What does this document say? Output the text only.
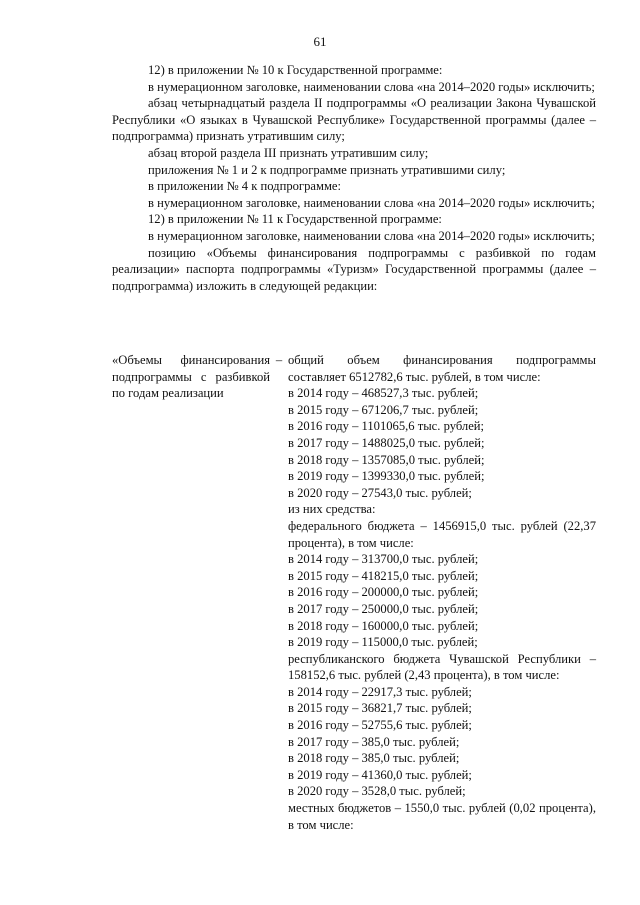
61

12) в приложении № 10 к Государственной программе:

в нумерационном заголовке, наименовании слова «на 2014–2020 годы» исключить;

абзац четырнадцатый раздела II подпрограммы «О реализации Закона Чувашской Республики «О языках в Чувашской Республике» Государственной программы (далее – подпрограмма) признать утратившим силу;

абзац второй раздела III признать утратившим силу;

приложения № 1 и 2 к подпрограмме признать утратившими силу;

в приложении № 4 к подпрограмме:

в нумерационном заголовке, наименовании слова «на 2014–2020 годы» исключить;

12) в приложении № 11 к Государственной программе:

в нумерационном заголовке, наименовании слова «на 2014–2020 годы» исключить;

позицию «Объемы финансирования подпрограммы с разбивкой по годам реализации» паспорта подпрограммы «Туризм» Государственной программы (далее – подпрограмма) изложить в следующей редакции:

«Объемы финансирования подпрограммы с разбивкой по годам реализации
– общий объем финансирования подпрограммы составляет 6512782,6 тыс. рублей, в том числе:
в 2014 году – 468527,3 тыс. рублей;
в 2015 году – 671206,7 тыс. рублей;
в 2016 году – 1101065,6 тыс. рублей;
в 2017 году – 1488025,0 тыс. рублей;
в 2018 году – 1357085,0 тыс. рублей;
в 2019 году – 1399330,0 тыс. рублей;
в 2020 году – 27543,0 тыс. рублей;
из них средства:
федерального бюджета – 1456915,0 тыс. рублей (22,37 процента), в том числе:
в 2014 году – 313700,0 тыс. рублей;
в 2015 году – 418215,0 тыс. рублей;
в 2016 году – 200000,0 тыс. рублей;
в 2017 году – 250000,0 тыс. рублей;
в 2018 году – 160000,0 тыс. рублей;
в 2019 году – 115000,0 тыс. рублей;
республиканского бюджета Чувашской Республики – 158152,6 тыс. рублей (2,43 процента), в том числе:
в 2014 году – 22917,3 тыс. рублей;
в 2015 году – 36821,7 тыс. рублей;
в 2016 году – 52755,6 тыс. рублей;
в 2017 году – 385,0 тыс. рублей;
в 2018 году – 385,0 тыс. рублей;
в 2019 году – 41360,0 тыс. рублей;
в 2020 году – 3528,0 тыс. рублей;
местных бюджетов – 1550,0 тыс. рублей (0,02 процента), в том числе:
